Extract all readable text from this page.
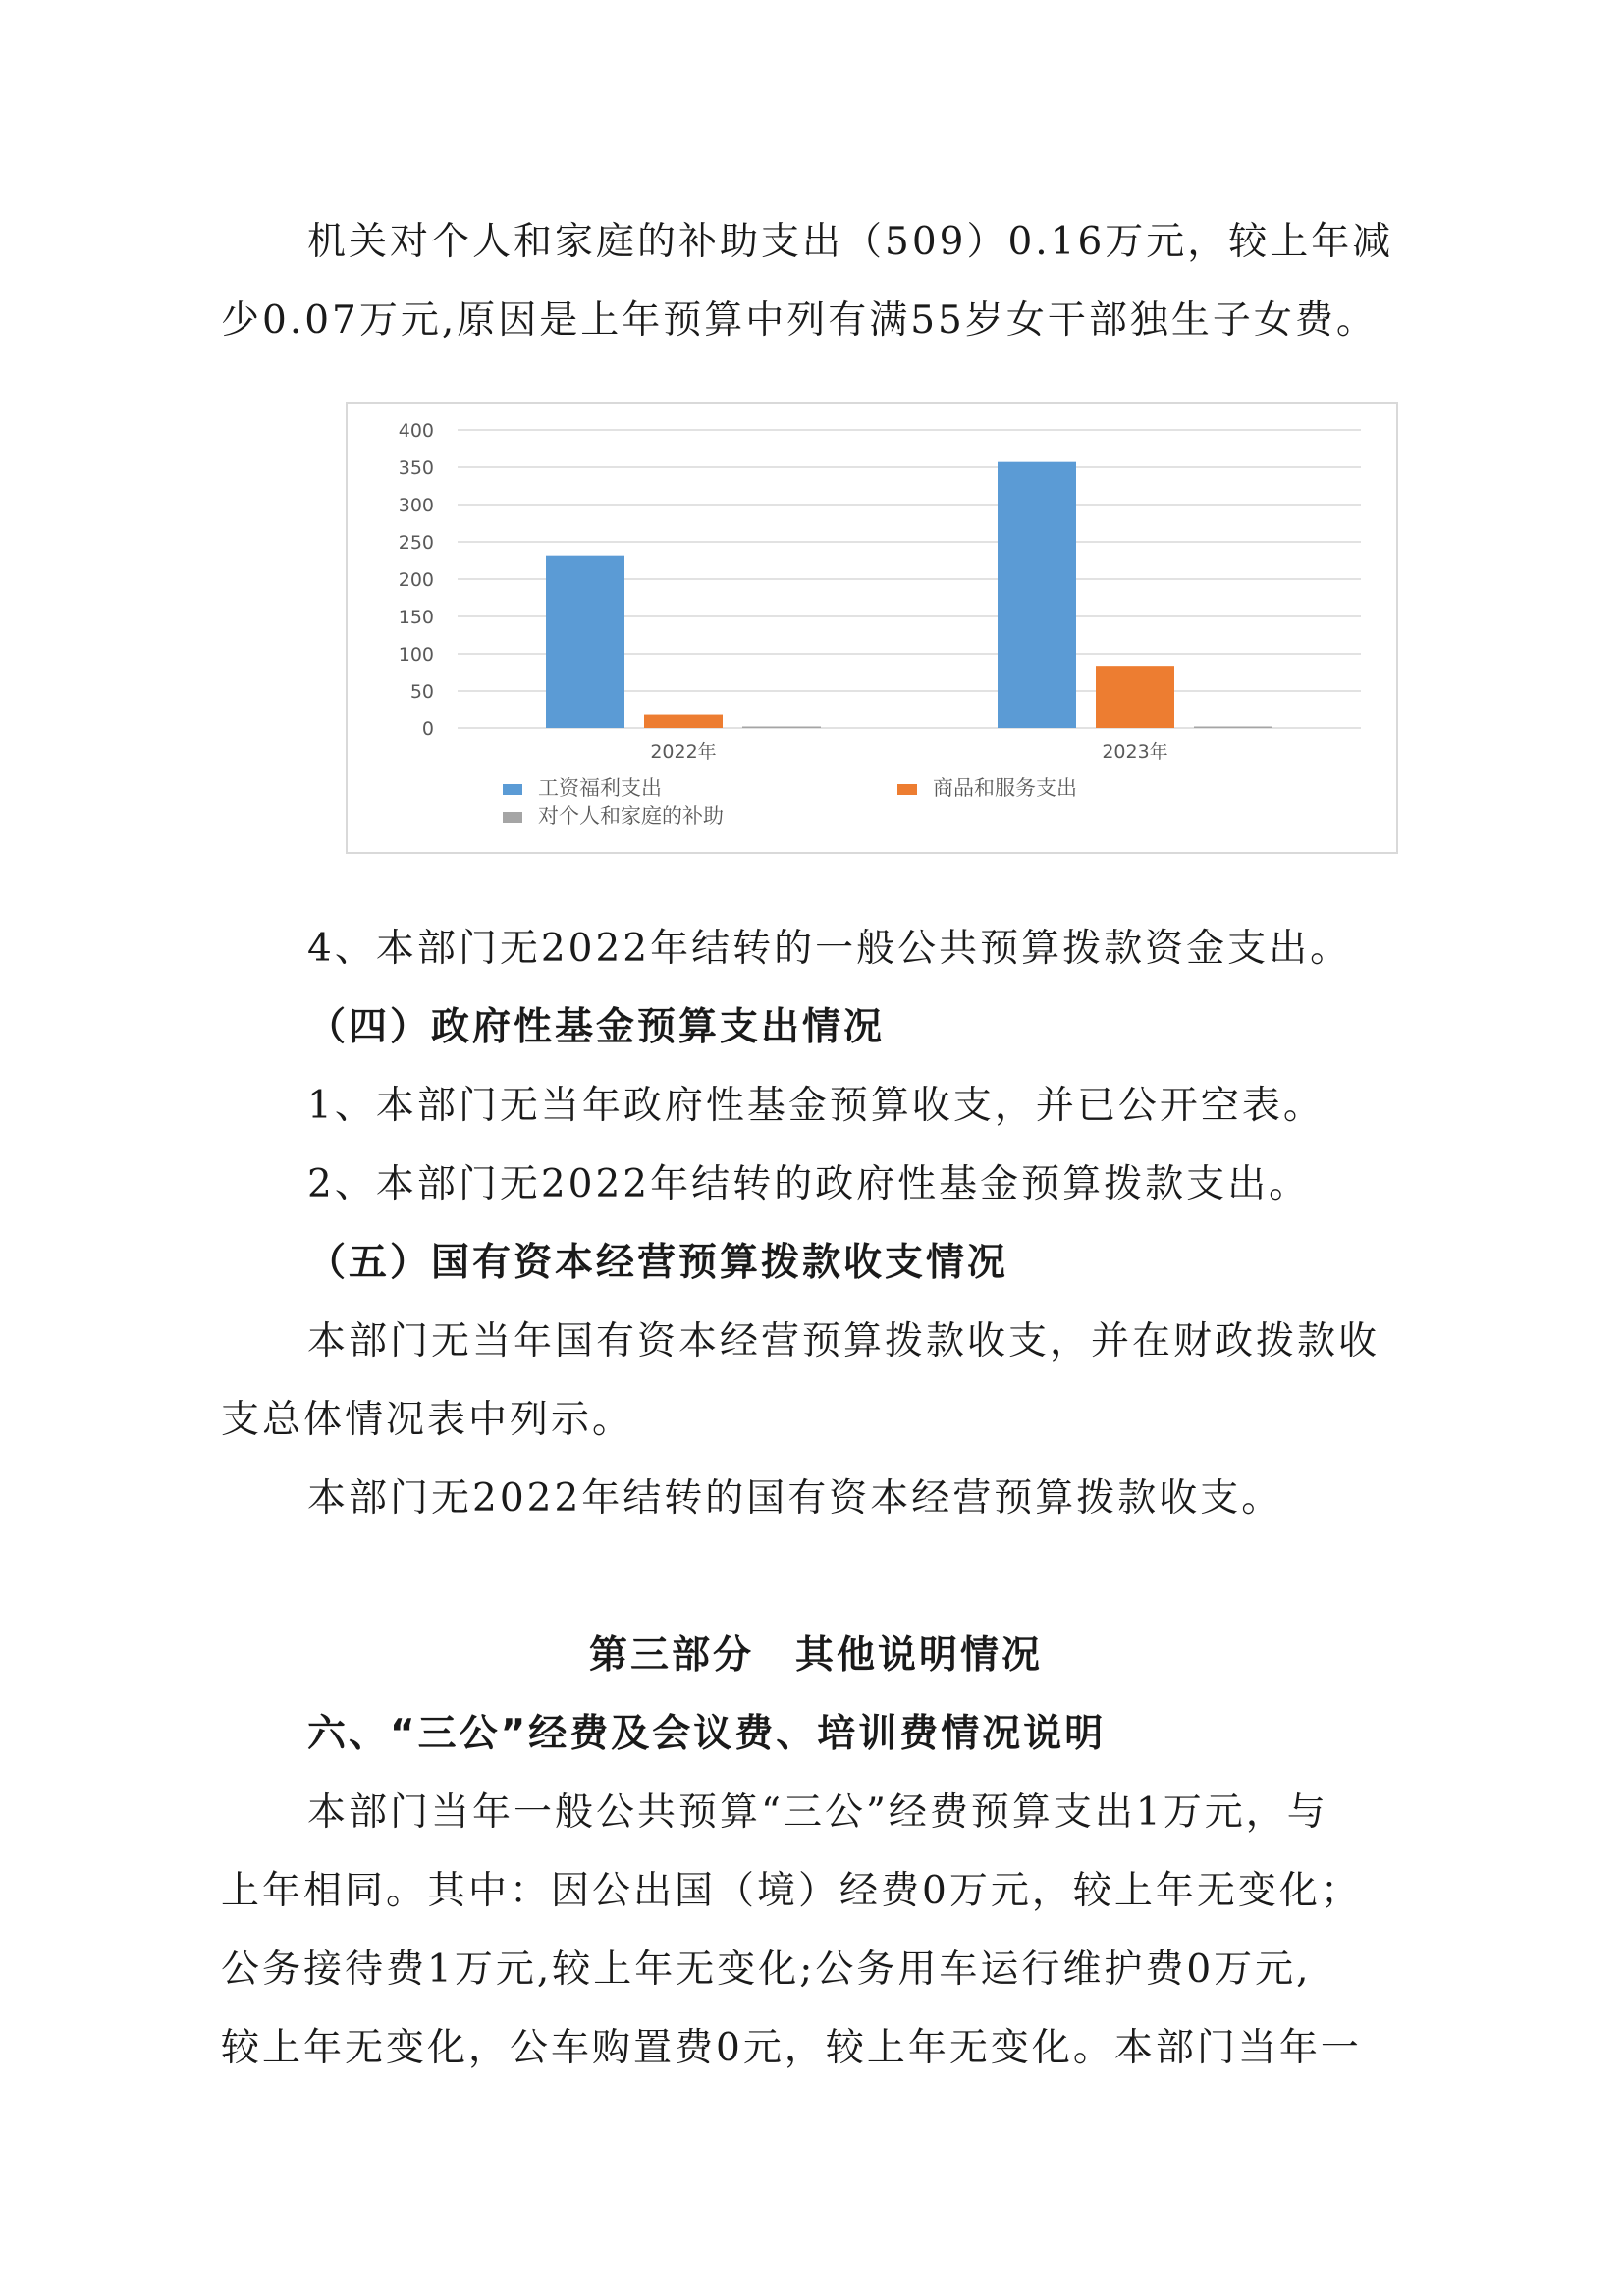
机关对个人和家庭的补助支出（509）0.16万元，较上年减
少0.07万元,原因是上年预算中列有满55岁女干部独生子女费。
0
50
100
150
200
250
300
350
400
2022年	2023年
工资福利支出	商品和服务支出
对个人和家庭的补助
4、本部门无2022年结转的一般公共预算拨款资金支出。
（四）政府性基金预算支出情况
1、本部门无当年政府性基金预算收支，并已公开空表。
2、本部门无2022年结转的政府性基金预算拨款支出。
（五）国有资本经营预算拨款收支情况
本部门无当年国有资本经营预算拨款收支，并在财政拨款收
支总体情况表中列示。
本部门无2022年结转的国有资本经营预算拨款收支。
第三部分　其他说明情况
六、“三公”经费及会议费、培训费情况说明
本部门当年一般公共预算“三公”经费预算支出1万元，与
上年相同。其中：因公出国（境）经费0万元，较上年无变化；
公务接待费1万元,较上年无变化;公务用车运行维护费0万元,
较上年无变化，公车购置费0元，较上年无变化。本部门当年一
